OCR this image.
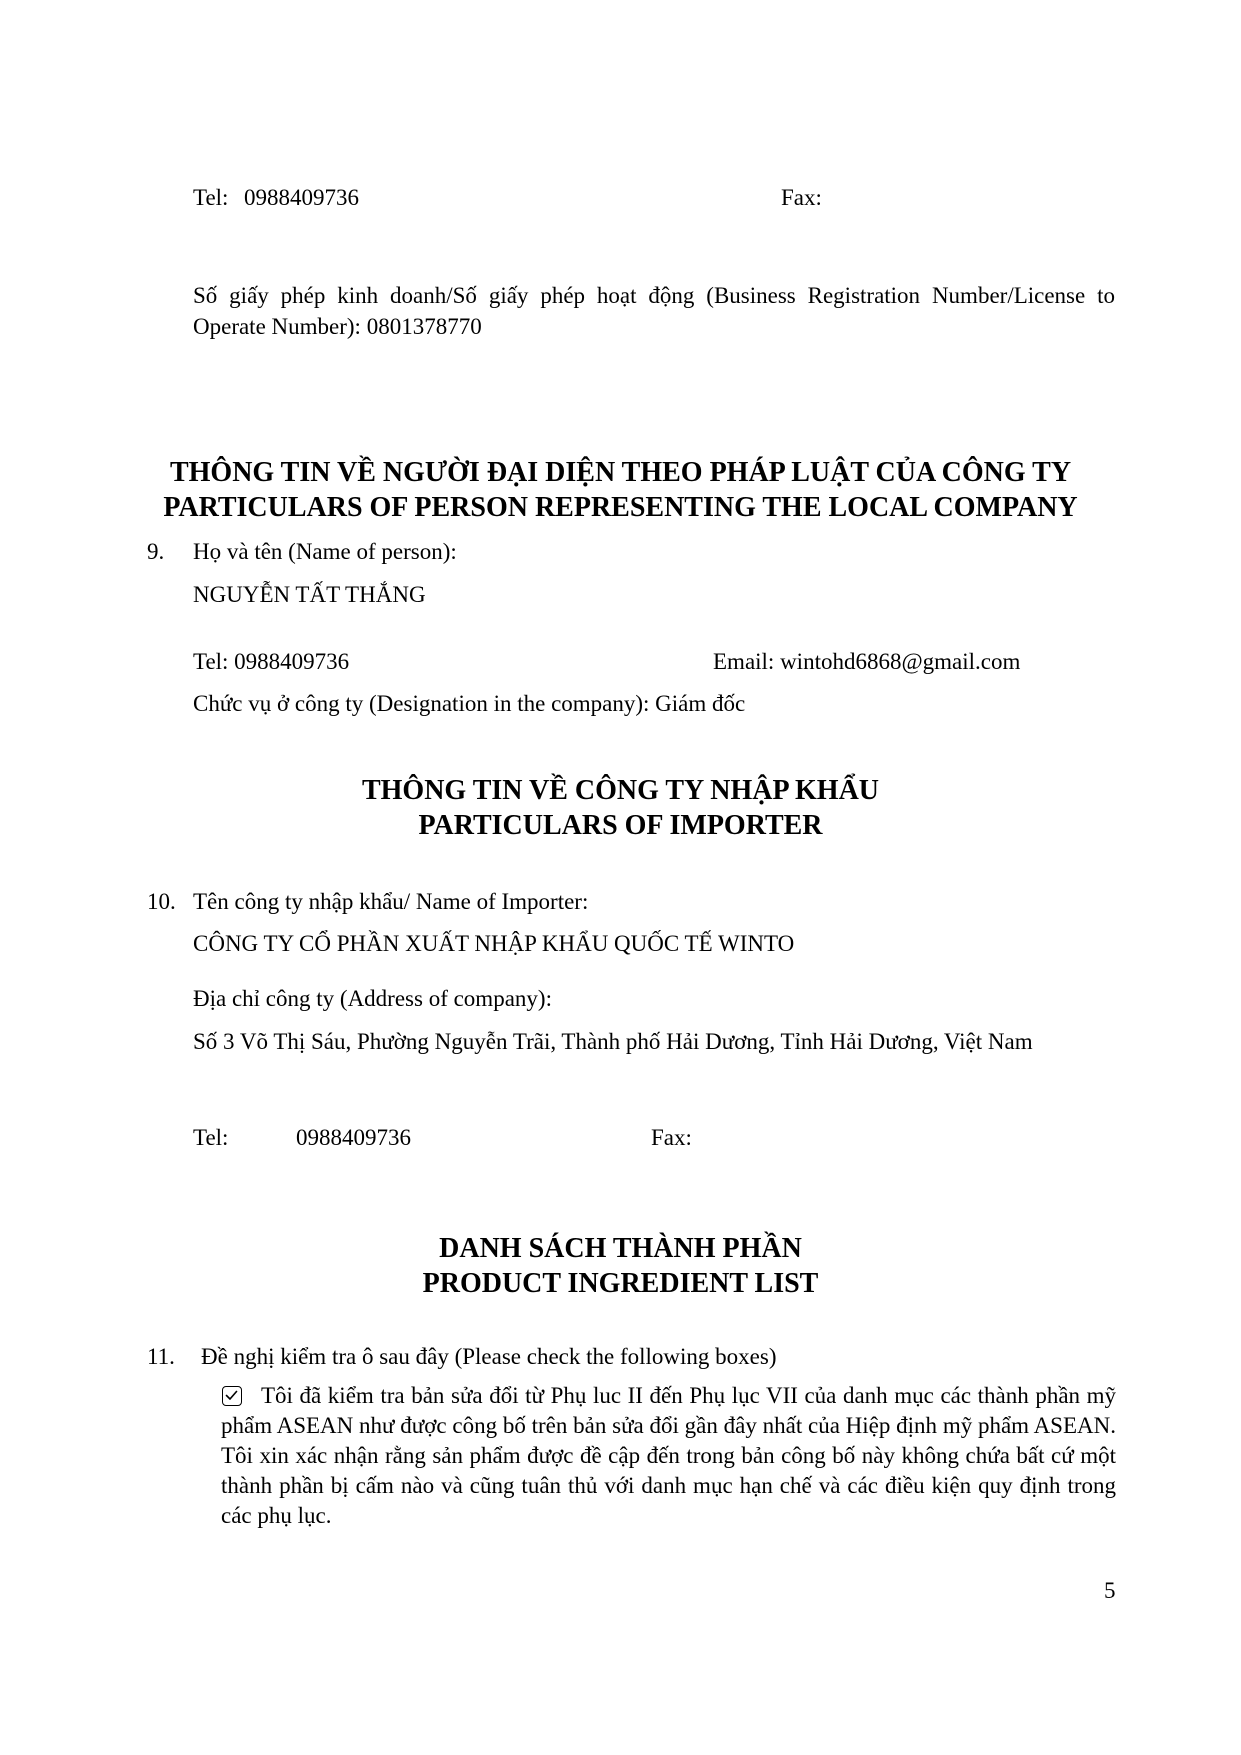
Tel: 0988409736	Fax:
Số giấy phép kinh doanh/Số giấy phép hoạt động (Business Registration Number/License to Operate Number): 0801378770
THÔNG TIN VỀ NGƯỜI ĐẠI DIỆN THEO PHÁP LUẬT CỦA CÔNG TY
PARTICULARS OF PERSON REPRESENTING THE LOCAL COMPANY
9. Họ và tên (Name of person):
NGUYỄN TẤT THẮNG
Tel: 0988409736	Email: wintohd6868@gmail.com
Chức vụ ở công ty (Designation in the company): Giám đốc
THÔNG TIN VỀ CÔNG TY NHẬP KHẨU
PARTICULARS OF IMPORTER
10. Tên công ty nhập khẩu/ Name of Importer:
CÔNG TY CỔ PHẦN XUẤT NHẬP KHẨU QUỐC TẾ WINTO
Địa chỉ công ty (Address of company):
Số 3 Võ Thị Sáu, Phường Nguyễn Trãi, Thành phố Hải Dương, Tỉnh Hải Dương, Việt Nam
Tel:	0988409736	Fax:
DANH SÁCH THÀNH PHẦN
PRODUCT INGREDIENT LIST
11. Đề nghị kiểm tra ô sau đây (Please check the following boxes)
Tôi đã kiểm tra bản sửa đổi từ Phụ luc II đến Phụ lục VII của danh mục các thành phần mỹ phẩm ASEAN như được công bố trên bản sửa đổi gần đây nhất của Hiệp định mỹ phẩm ASEAN. Tôi xin xác nhận rằng sản phẩm được đề cập đến trong bản công bố này không chứa bất cứ một thành phần bị cấm nào và cũng tuân thủ với danh mục hạn chế và các điều kiện quy định trong các phụ lục.
5
